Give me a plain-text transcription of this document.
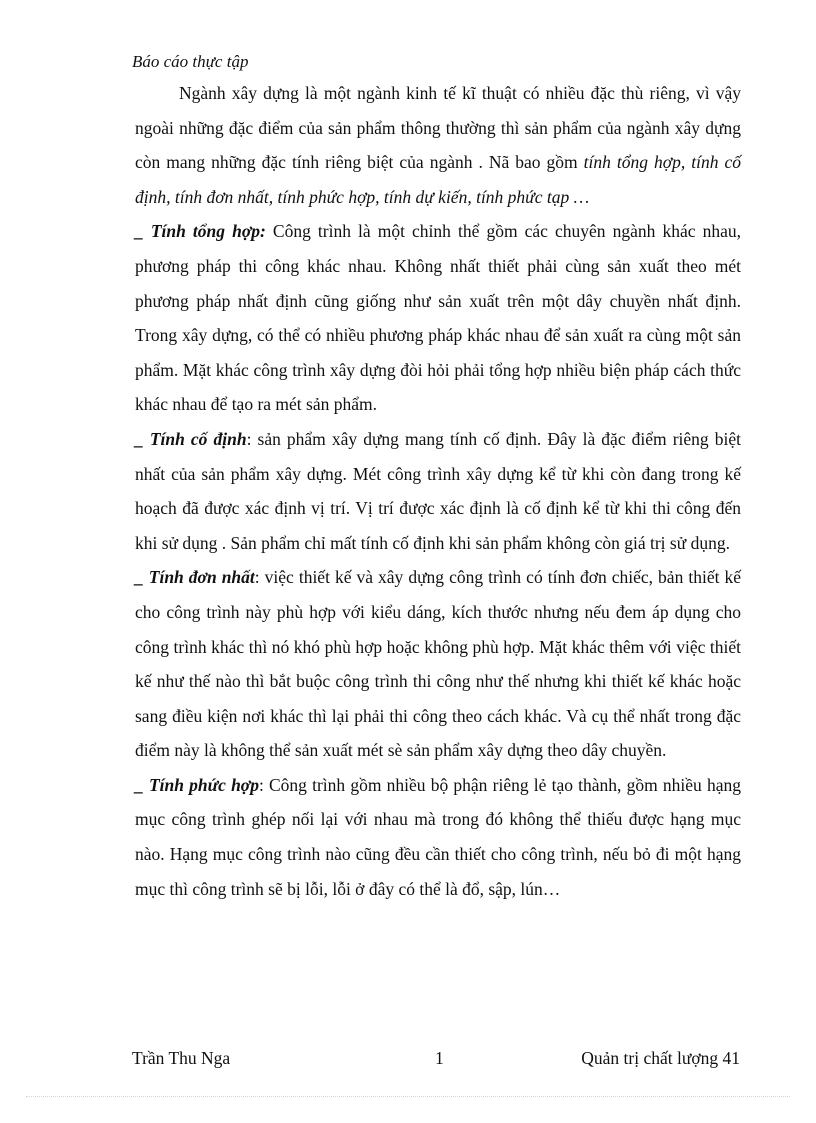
Báo cáo thực tập

Ngành xây dựng là một ngành kinh tế kĩ thuật có nhiều đặc thù riêng, vì vậy ngoài những đặc điểm của sản phẩm thông thường thì sản phẩm của ngành xây dựng còn mang những đặc tính riêng biệt của ngành . Nã bao gồm tính tổng hợp, tính cố định, tính đơn nhất, tính phức hợp, tính dự kiến, tính phức tạp …

_ Tính tổng hợp: Công trình là một chỉnh thể gồm các chuyên ngành khác nhau, phương pháp thi công khác nhau. Không nhất thiết phải cùng sản xuất theo mét phương pháp nhất định cũng giống như sản xuất trên một dây chuyền nhất định. Trong xây dựng, có thể có nhiều phương pháp khác nhau để sản xuất ra cùng một sản phẩm. Mặt khác công trình xây dựng đòi hỏi phải tổng hợp nhiều biện pháp cách thức khác nhau để tạo ra mét sản phẩm.

_ Tính cố định: sản phẩm xây dựng mang tính cố định. Đây là đặc điểm riêng biệt nhất của sản phẩm xây dựng. Mét công trình xây dựng kể từ khi còn đang trong kế hoạch đã được xác định vị trí. Vị trí được xác định là cố định kể từ khi thi công đến khi sử dụng . Sản phẩm chỉ mất tính cố định khi sản phẩm không còn giá trị sử dụng.

_ Tính đơn nhất: việc thiết kế và xây dựng công trình có tính đơn chiếc, bản thiết kế cho công trình này phù hợp với kiểu dáng, kích thước nhưng nếu đem áp dụng cho công trình khác thì nó khó phù hợp hoặc không phù hợp. Mặt khác thêm với việc thiết kế như thế nào thì bắt buộc công trình thi công như thế nhưng khi thiết kế khác hoặc sang điều kiện nơi khác thì lại phải thi công theo cách khác. Và cụ thể nhất trong đặc điểm này là không thể sản xuất mét sè sản phẩm xây dựng theo dây chuyền.

_ Tính phức hợp: Công trình gồm nhiều bộ phận riêng lẻ tạo thành, gồm nhiều hạng mục công trình ghép nối lại với nhau mà trong đó không thể thiếu được hạng mục nào. Hạng mục công trình nào cũng đều cần thiết cho công trình, nếu bỏ đi một hạng mục thì công trình sẽ bị lỗi, lỗi ở đây có thể là đổ, sập, lún…

Trần Thu Nga	1	Quản trị chất lượng 41
